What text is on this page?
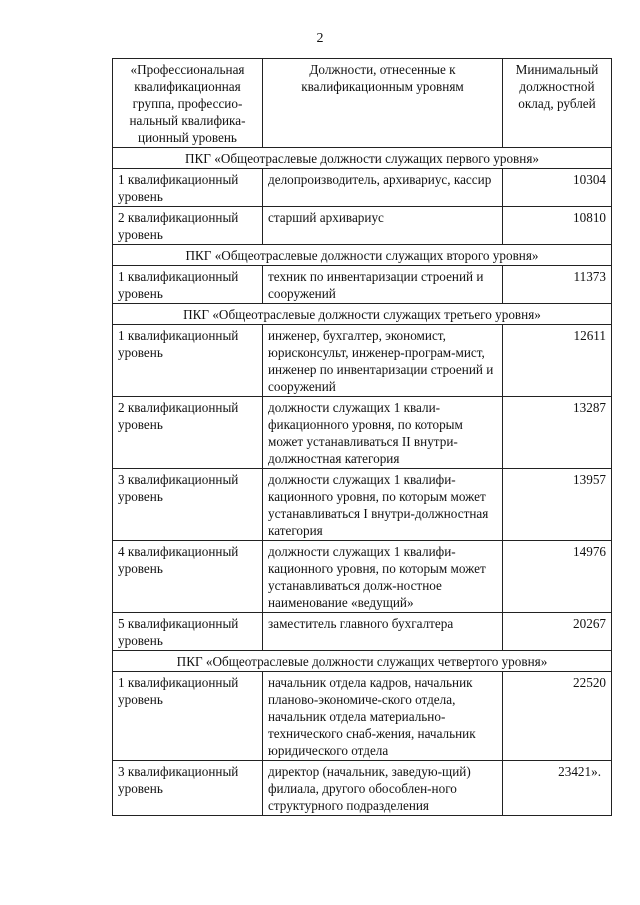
2
«Профессиональная квалификационная группа, профессио-нальный квалифика-ционный уровень	Должности, отнесенные к квалификационным уровням	Минимальный должностной оклад, рублей
ПКГ «Общеотраслевые должности служащих первого уровня»		
1 квалификационный уровень	делопроизводитель, архивариус, кассир	10304
2 квалификационный уровень	старший архивариус	10810
ПКГ «Общеотраслевые должности служащих второго уровня»		
1 квалификационный уровень	техник по инвентаризации строений и сооружений	11373
ПКГ «Общеотраслевые должности служащих третьего уровня»		
1 квалификационный уровень	инженер, бухгалтер, экономист, юрисконсульт, инженер-програм-мист, инженер по инвентаризации строений и сооружений	12611
2 квалификационный уровень	должности служащих 1 квали-фикационного уровня, по которым может устанавливаться II внутри-должностная категория	13287
3 квалификационный уровень	должности служащих 1 квалифи-кационного уровня, по которым может устанавливаться I внутри-должностная категория	13957
4 квалификационный уровень	должности служащих 1 квалифи-кационного уровня, по которым может устанавливаться долж-ностное наименование «ведущий»	14976
5 квалификационный уровень	заместитель главного бухгалтера	20267
ПКГ «Общеотраслевые должности служащих четвертого уровня»		
1 квалификационный уровень	начальник отдела кадров, начальник планово-экономиче-ского отдела, начальник отдела материально-технического снаб-жения, начальник юридического отдела	22520
3 квалификационный уровень	директор (начальник, заведую-щий) филиала, другого обособлен-ного структурного подразделения	23421».
